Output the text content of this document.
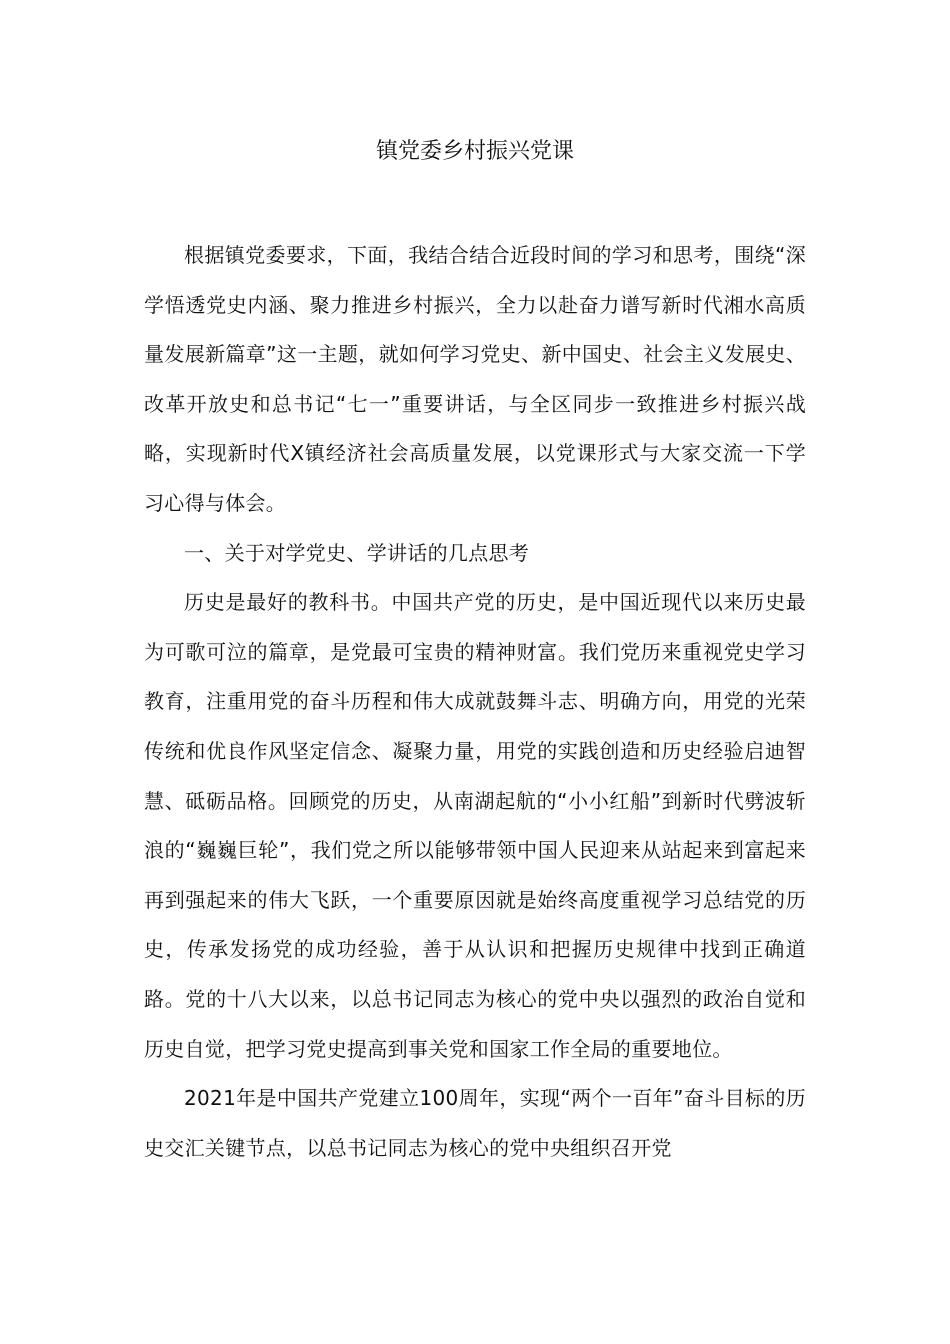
镇党委乡村振兴党课

根据镇党委要求，下面，我结合结合近段时间的学习和思考，围绕“深学悟透党史内涵、聚力推进乡村振兴，全力以赴奋力谱写新时代湘水高质量发展新篇章”这一主题，就如何学习党史、新中国史、社会主义发展史、改革开放史和总书记“七一”重要讲话，与全区同步一致推进乡村振兴战略，实现新时代X镇经济社会高质量发展，以党课形式与大家交流一下学习心得与体会。

一、关于对学党史、学讲话的几点思考

历史是最好的教科书。中国共产党的历史，是中国近现代以来历史最为可歌可泣的篇章，是党最可宝贵的精神财富。我们党历来重视党史学习教育，注重用党的奋斗历程和伟大成就鼓舞斗志、明确方向，用党的光荣传统和优良作风坚定信念、凝聚力量，用党的实践创造和历史经验启迪智慧、砥砺品格。回顾党的历史，从南湖起航的“小小红船”到新时代劈波斩浪的“巍巍巨轮”，我们党之所以能够带领中国人民迎来从站起来到富起来再到强起来的伟大飞跃，一个重要原因就是始终高度重视学习总结党的历史，传承发扬党的成功经验，善于从认识和把握历史规律中找到正确道路。党的十八大以来，以总书记同志为核心的党中央以强烈的政治自觉和历史自觉，把学习党史提高到事关党和国家工作全局的重要地位。

2021年是中国共产党建立100周年，实现“两个一百年”奋斗目标的历史交汇关键节点，以总书记同志为核心的党中央组织召开党
